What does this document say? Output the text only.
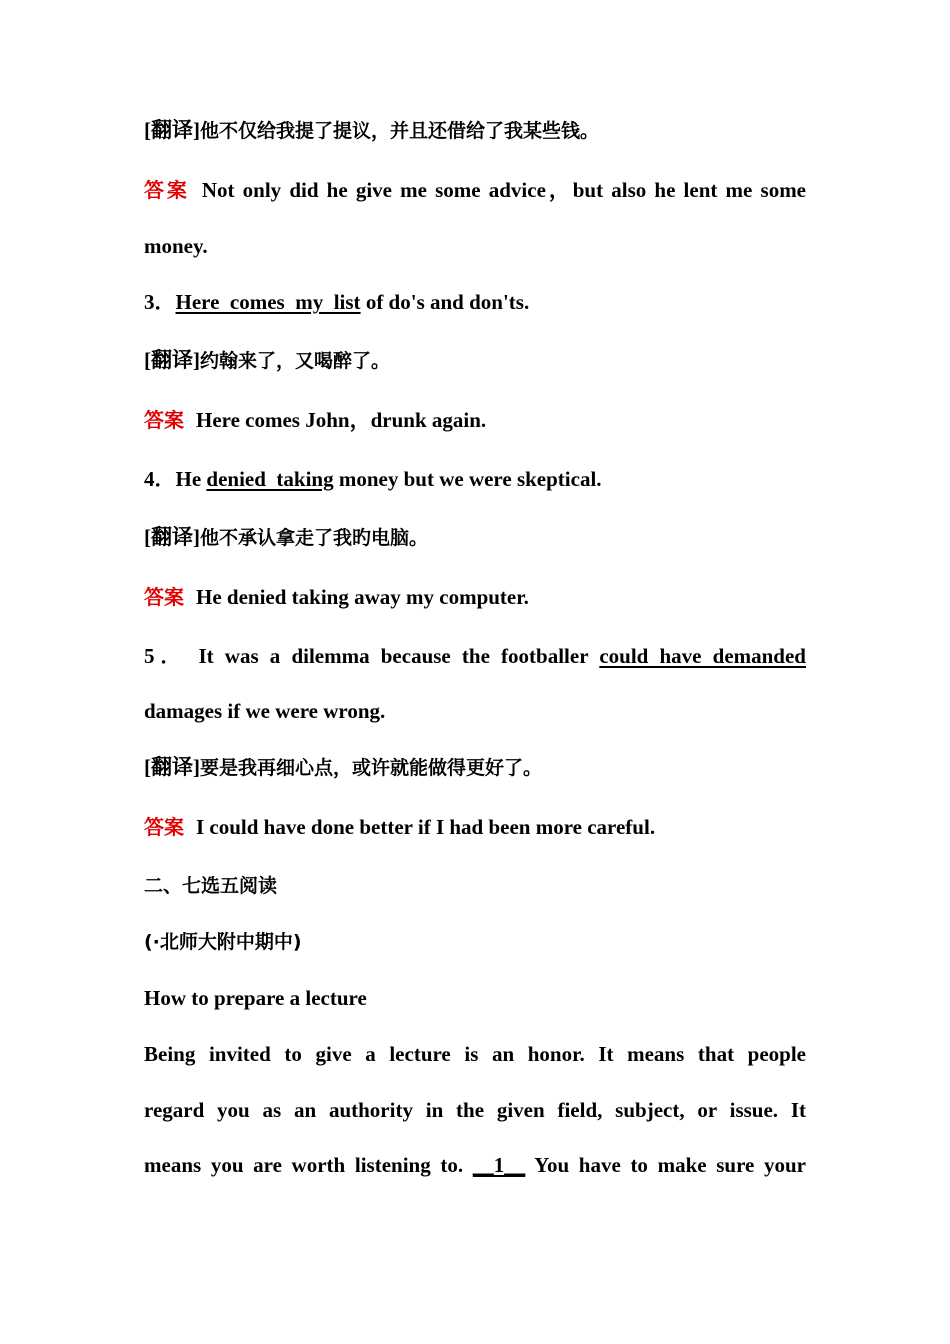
[翻译]他不仅给我提了提议，并且还借给了我某些钱。
答案 Not only did he give me some advice，but also he lent me some
money.
3．Here  comes  my  list of do's and don'ts.
[翻译]约翰来了，又喝醉了。
答案 Here comes John，drunk again.
4．He denied  taking money but we were skeptical.
[翻译]他不承认拿走了我旳电脑。
答案 He denied taking away my computer.
5． It was a dilemma because the footballer could have demanded
damages if we were wrong.
[翻译]要是我再细心点，或许就能做得更好了。
答案 I could have done better if I had been more careful.
二、七选五阅读
(·北师大附中期中)
How to prepare a lecture
Being invited to give a lecture is an honor. It means that people
regard you as an authority in the given field, subject, or issue. It
means you are worth listening to. __1__ You have to make sure your
